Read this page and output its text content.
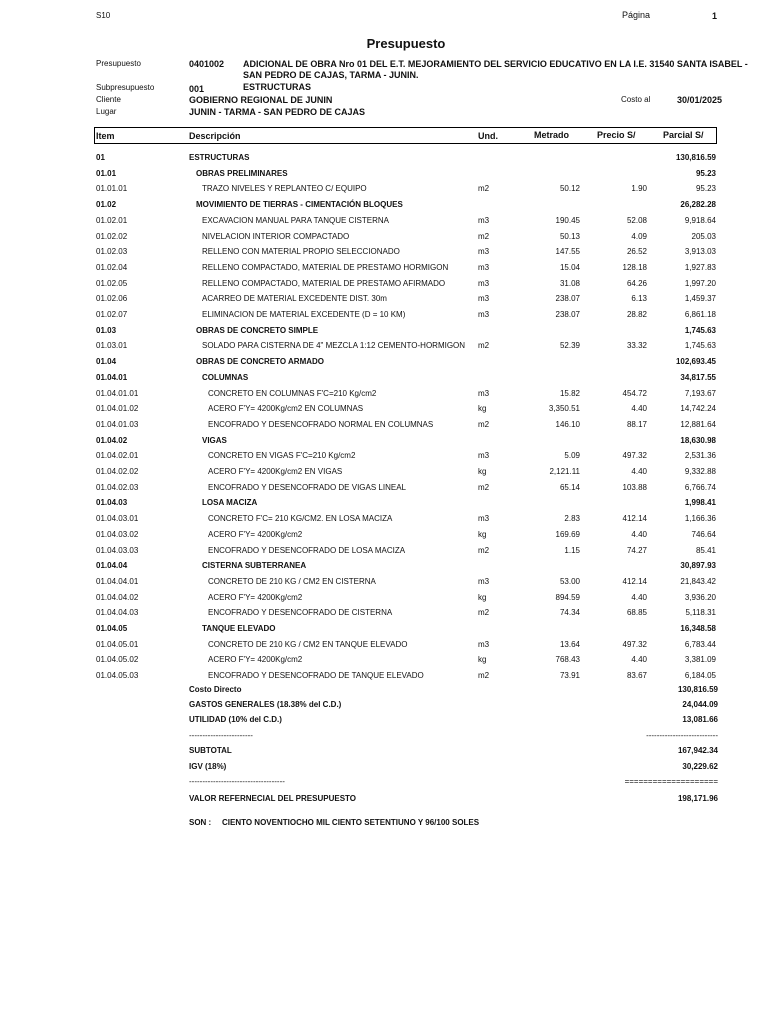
S10	Página	1
Presupuesto
Presupuesto	0401002 ADICIONAL DE OBRA Nro 01 DEL E.T. MEJORAMIENTO DEL SERVICIO EDUCATIVO EN LA I.E. 31540 SANTA ISABEL -
SAN PEDRO DE CAJAS, TARMA - JUNIN.
Subpresupuesto	001	ESTRUCTURAS
Cliente	GOBIERNO REGIONAL DE JUNIN	Costo al	30/01/2025
Lugar	JUNIN - TARMA - SAN PEDRO DE CAJAS
Item	Descripción	Und.	Metrado	Precio S/	Parcial S/
01	ESTRUCTURAS	130,816.59
01.01	OBRAS PRELIMINARES	95.23
01.01.01	TRAZO NIVELES Y REPLANTEO C/ EQUIPO	m2	50.12	1.90	95.23
01.02	MOVIMIENTO DE TIERRAS - CIMENTACIÓN BLOQUES	26,282.28
01.02.01	EXCAVACION MANUAL PARA TANQUE CISTERNA	m3	190.45	52.08	9,918.64
01.02.02	NIVELACION INTERIOR COMPACTADO	m2	50.13	4.09	205.03
01.02.03	RELLENO CON MATERIAL PROPIO SELECCIONADO	m3	147.55	26.52	3,913.03
01.02.04	RELLENO COMPACTADO, MATERIAL DE PRESTAMO HORMIGON	m3	15.04	128.18	1,927.83
01.02.05	RELLENO COMPACTADO, MATERIAL DE PRESTAMO AFIRMADO	m3	31.08	64.26	1,997.20
01.02.06	ACARREO DE MATERIAL EXCEDENTE DIST. 30m	m3	238.07	6.13	1,459.37
01.02.07	ELIMINACION DE MATERIAL EXCEDENTE (D = 10 KM)	m3	238.07	28.82	6,861.18
01.03	OBRAS DE CONCRETO SIMPLE	1,745.63
01.03.01	SOLADO PARA CISTERNA DE 4" MEZCLA 1:12 CEMENTO-HORMIGON m2	52.39	33.32	1,745.63
01.04	OBRAS DE CONCRETO ARMADO	102,693.45
01.04.01	COLUMNAS	34,817.55
01.04.01.01	CONCRETO EN COLUMNAS F'C=210 Kg/cm2	m3	15.82	454.72	7,193.67
01.04.01.02	ACERO F'Y= 4200Kg/cm2 EN COLUMNAS	kg	3,350.51	4.40	14,742.24
01.04.01.03	ENCOFRADO Y DESENCOFRADO NORMAL EN COLUMNAS	m2	146.10	88.17	12,881.64
01.04.02	VIGAS	18,630.98
01.04.02.01	CONCRETO EN VIGAS F'C=210 Kg/cm2	m3	5.09	497.32	2,531.36
01.04.02.02	ACERO F'Y= 4200Kg/cm2 EN VIGAS	kg	2,121.11	4.40	9,332.88
01.04.02.03	ENCOFRADO Y DESENCOFRADO DE VIGAS LINEAL	m2	65.14	103.88	6,766.74
01.04.03	LOSA MACIZA	1,998.41
01.04.03.01	CONCRETO F'C= 210 KG/CM2. EN LOSA MACIZA	m3	2.83	412.14	1,166.36
01.04.03.02	ACERO F'Y= 4200Kg/cm2	kg	169.69	4.40	746.64
01.04.03.03	ENCOFRADO Y DESENCOFRADO DE LOSA MACIZA	m2	1.15	74.27	85.41
01.04.04	CISTERNA SUBTERRANEA	30,897.93
01.04.04.01	CONCRETO DE 210 KG / CM2 EN CISTERNA	m3	53.00	412.14	21,843.42
01.04.04.02	ACERO F'Y= 4200Kg/cm2	kg	894.59	4.40	3,936.20
01.04.04.03	ENCOFRADO Y DESENCOFRADO DE CISTERNA	m2	74.34	68.85	5,118.31
01.04.05	TANQUE ELEVADO	16,348.58
01.04.05.01	CONCRETO DE 210 KG / CM2 EN TANQUE ELEVADO	m3	13.64	497.32	6,783.44
01.04.05.02	ACERO F'Y= 4200Kg/cm2	kg	768.43	4.40	3,381.09
01.04.05.03	ENCOFRADO Y DESENCOFRADO DE TANQUE ELEVADO	m2	73.91	83.67	6,184.05
Costo Directo	130,816.59
GASTOS GENERALES (18.38% del C.D.)	24,044.09
UTILIDAD (10% del C.D.)	13,081.66
------------------------	---------------------------
SUBTOTAL	167,942.34
IGV (18%)	30,229.62
------------------------------------	====================
VALOR REFERNECIAL DEL PRESUPUESTO	198,171.96
SON : CIENTO NOVENTIOCHO MIL CIENTO SETENTIUNO Y 96/100 SOLES
